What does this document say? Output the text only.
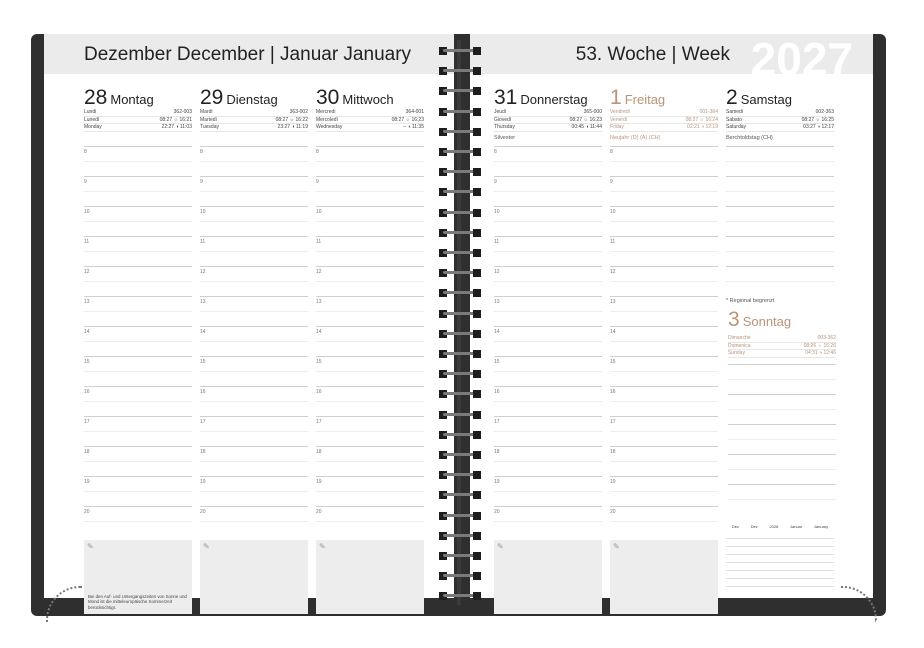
Dezember December | Januar January
28 Montag
Lundi	362-003
Lunedì	08:27 ☼ 16:21
Monday	22:27 ◑ 11:03
8
9
10
11
12
13
14
15
16
17
18
19
20
✎
Bei den Auf- und Untergangszeiten von Sonne und Mond ist die mitteleuropäische Sommerzeit berücksichtigt.
29 Dienstag
Mardi	363-002
Martedì	08:27 ☼ 16:22
Tuesday	23:27 ◑ 11:19
8
9
10
11
12
13
14
15
16
17
18
19
20
✎
30 Mittwoch
Mercredi	364-001
Mercoledì	08:27 ☼ 16:23
Wednesday	– ◑ 11:35
8
9
10
11
12
13
14
15
16
17
18
19
20
✎
53. Woche | Week 2027
31 Donnerstag
Jeudi	365-000
Giovedì	08:27 ☼ 16:23
Thursday	00:45 ◑ 11:44
Silvester
8
9
10
11
12
13
14
15
16
17
18
19
20
✎
1 Freitag
Vendredi	001-364
Venerdì	08:27 ☼ 16:24
Friday	02:21 ◑ 12:19
Neujahr (D) (A) (CH)
8
9
10
11
12
13
14
15
16
17
18
19
20
✎
2 Samstag
Samedi	002-363
Sabato	08:27 ☼ 16:25
Saturday	03:27 ◑ 12:17
Berchtoldstag (CH)
* Regional begrenzt
3 Sonntag
Dimanche	003-362
Domenica	08:26 ☼ 16:26
Sunday	04:31 ◑ 12:46
Dez	Dez	2026	Januar	January
